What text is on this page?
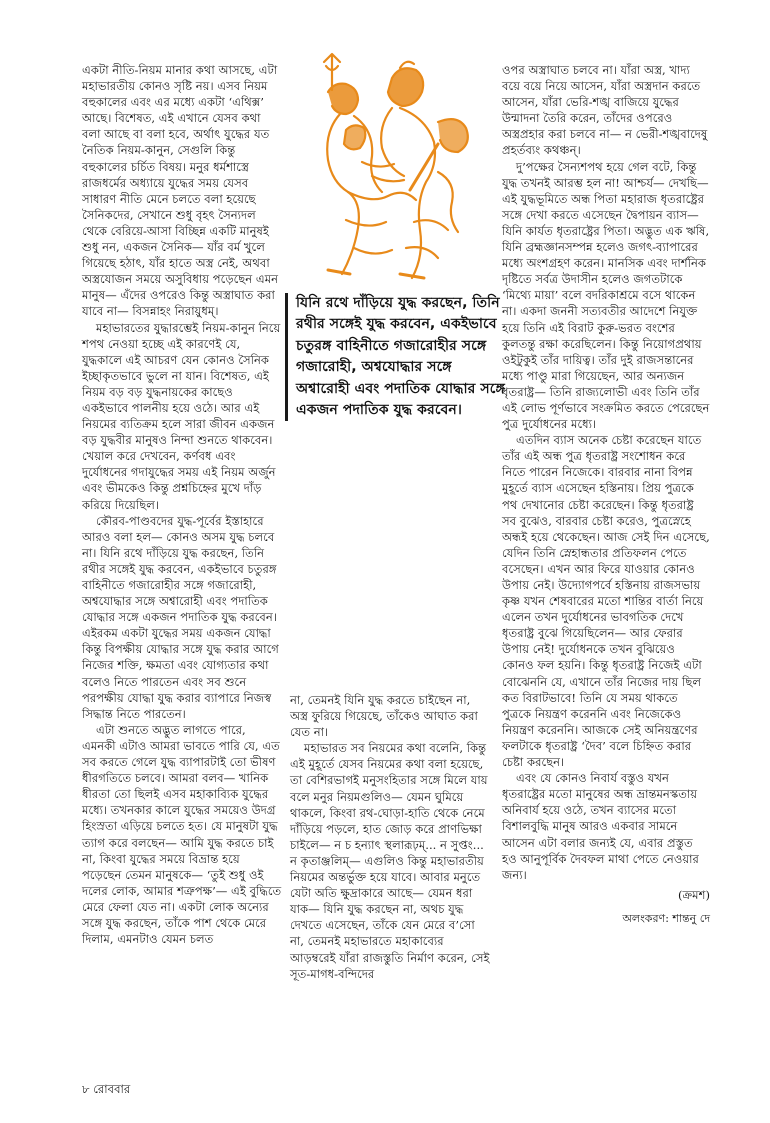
একটা নীতি-নিয়ম মানার কথা আসছে, এটা মহাভারতীয় কোনও সৃষ্টি নয়। এসব নিয়ম বহুকালের এবং এর মধ্যে একটা ‘এথিক্স’ আছে। বিশেষত, এই এখানে যেসব কথা বলা আছে বা বলা হবে, অর্থাৎ যুদ্ধের যত নৈতিক নিয়ম-কানুন, সেগুলি কিন্তু বহুকালের চর্চিত বিষয়। মনুর ধর্মশাস্ত্রে রাজধর্মের অধ্যায়ে যুদ্ধের সময় যেসব সাধারণ নীতি মেনে চলতে বলা হয়েছে সৈনিকদের, সেখানে শুধু বৃহৎ সৈন্যদল থেকে বেরিয়ে-আসা বিচ্ছিন্ন একটি মানুষই শুধু নন, একজন সৈনিক— যাঁর বর্ম খুলে গিয়েছে হঠাৎ, যাঁর হাতে অস্ত্র নেই, অথবা অস্ত্রযোজন সময়ে অসুবিধায় পড়েছেন এমন মানুষ— এঁদের ওপরেও কিন্তু অস্ত্রাঘাত করা যাবে না— বিসন্নাহং নিরায়ুধম্।

মহাভারতের যুদ্ধারম্ভেই নিয়ম-কানুন নিয়ে শপথ নেওয়া হচ্ছে এই কারণেই যে, যুদ্ধকালে এই আচরণ যেন কোনও সৈনিক ইচ্ছাকৃতভাবে ভুলে না যান। বিশেষত, এই নিয়ম বড় বড় যুদ্ধনায়কের কাছেও একইভাবে পালনীয় হয়ে ওঠে। আর এই নিয়মের ব্যতিক্রম হলে সারা জীবন একজন বড় যুদ্ধবীর মানুষও নিন্দা শুনতে থাকবেন। খেয়াল করে দেখবেন, কর্ণবধ এবং দুর্যোধনের গদাযুদ্ধের সময় এই নিয়ম অর্জুন এবং ভীমকেও কিন্তু প্রশ্নচিহ্নের মুখে দাঁড় করিয়ে দিয়েছিল।

কৌরব-পাণ্ডবদের যুদ্ধ-পূর্বের ইস্তাহারে আরও বলা হল— কোনও অসম যুদ্ধ চলবে না। যিনি রথে দাঁড়িয়ে যুদ্ধ করছেন, তিনি রথীর সঙ্গেই যুদ্ধ করবেন, একইভাবে চতুরঙ্গ বাহিনীতে গজারোহীর সঙ্গে গজারোহী, অশ্বযোদ্ধার সঙ্গে অশ্বারোহী এবং পদাতিক যোদ্ধার সঙ্গে একজন পদাতিক যুদ্ধ করবেন। এইরকম একটা যুদ্ধের সময় একজন যোদ্ধা কিন্তু বিপক্ষীয় যোদ্ধার সঙ্গে যুদ্ধ করার আগে নিজের শক্তি, ক্ষমতা এবং যোগ্যতার কথা বলেও নিতে পারতেন এবং সব শুনে পরপক্ষীয় যোদ্ধা যুদ্ধ করার ব্যাপারে নিজস্ব সিদ্ধান্ত নিতে পারতেন।

এটা শুনতে অদ্ভুত লাগতে পারে, এমনকী এটাও আমরা ভাবতে পারি যে, এত সব করতে গেলে যুদ্ধ ব্যাপারটাই তো ভীষণ ধীরগতিতে চলবে। আমরা বলব— খানিক ধীরতা তো ছিলই এসব মহাকাব্যিক যুদ্ধের মধ্যে। তখনকার কালে যুদ্ধের সময়েও উদগ্র হিংস্রতা এড়িয়ে চলতে হত। যে মানুষটা যুদ্ধ ত্যাগ করে বলছেন— আমি যুদ্ধ করতে চাই না, কিংবা যুদ্ধের সময়ে বিভ্রান্ত হয়ে পড়েছেন তেমন মানুষকে— ‘তুই শুধু ওই দলের লোক, আমার শত্রুপক্ষ’— এই বুদ্ধিতে মেরে ফেলা যেত না। একটা লোক অন্যের সঙ্গে যুদ্ধ করছেন, তাঁকে পাশ থেকে মেরে দিলাম, এমনটাও যেমন চলত

যিনি রথে দাঁড়িয়ে যুদ্ধ করছেন, তিনি রথীর সঙ্গেই যুদ্ধ করবেন, একইভাবে চতুরঙ্গ বাহিনীতে গজারোহীর সঙ্গে গজারোহী, অশ্বযোদ্ধার সঙ্গে অশ্বারোহী এবং পদাতিক যোদ্ধার সঙ্গে একজন পদাতিক যুদ্ধ করবেন।

না, তেমনই যিনি যুদ্ধ করতে চাইছেন না, অস্ত্র ফুরিয়ে গিয়েছে, তাঁকেও আঘাত করা যেত না।

মহাভারত সব নিয়মের কথা বলেনি, কিন্তু এই মুহূর্তে যেসব নিয়মের কথা বলা হয়েছে, তা বেশিরভাগই মনুসংহিতার সঙ্গে মিলে যায় বলে মনুর নিয়মগুলিও— যেমন ঘুমিয়ে থাকলে, কিংবা রথ-ঘোড়া-হাতি থেকে নেমে দাঁড়িয়ে পড়লে, হাত জোড় করে প্রাণভিক্ষা চাইলে— ন চ হন্যাৎ স্থলারূঢ়ম্... ন সুপ্তং... ন কৃতাঞ্জলিম্— এগুলিও কিন্তু মহাভারতীয় নিয়মের অন্তর্ভুক্ত হয়ে যাবে। আবার মনুতে যেটা অতি ক্ষুদ্রাকারে আছে— যেমন ধরা যাক— যিনি যুদ্ধ করছেন না, অথচ যুদ্ধ দেখতে এসেছেন, তাঁকে যেন মেরে ব’সো না, তেমনই মহাভারতে মহাকাব্যের আড়ম্বরেই যাঁরা রাজস্তুতি নির্মাণ করেন, সেই সূত-মাগধ-বন্দিদের

ওপর অস্ত্রাঘাত চলবে না। যাঁরা অস্ত্র, খাদ্য বয়ে বয়ে নিয়ে আসেন, যাঁরা অস্ত্রদান করতে আসেন, যাঁরা ভেরি-শঙ্খ বাজিয়ে যুদ্ধের উন্মাদনা তৈরি করেন, তাঁদের ওপরেও অস্ত্রপ্রহার করা চলবে না— ন ভেরী-শঙ্খবাদেষু প্রহর্তব্যং কথঞ্চন্।

দু’পক্ষের সৈন্যশপথ হয়ে গেল বটে, কিন্তু যুদ্ধ তখনই আরম্ভ হল না! আশ্চর্য— দেখছি— এই যুদ্ধভূমিতে অন্ধ পিতা মহারাজ ধৃতরাষ্ট্রের সঙ্গে দেখা করতে এসেছেন দ্বৈপায়ন ব্যাস— যিনি কার্যত ধৃতরাষ্ট্রের পিতা। অদ্ভুত এক ঋষি, যিনি ব্রহ্মজ্ঞানসম্পন্ন হলেও জগৎ-ব্যাপারের মধ্যে অংশগ্রহণ করেন। মানসিক এবং দার্শনিক দৃষ্টিতে সর্বত্র উদাসীন হলেও জগতটাকে ‘মিথ্যে মায়া’ বলে বদরিকাশ্রমে বসে থাকেন না। একদা জননী সত্যবতীর আদেশে নিযুক্ত হয়ে তিনি এই বিরাট কুরু-ভরত বংশের কুলতন্তু রক্ষা করেছিলেন। কিন্তু নিয়োগপ্রথায় ওইটুকুই তাঁর দায়িত্ব। তাঁর দুই রাজসন্তানের মধ্যে পাণ্ডু মারা গিয়েছেন, আর অন্যজন ধৃতরাষ্ট্র— তিনি রাজ্যলোভী এবং তিনি তাঁর এই লোভ পূর্ণভাবে সংক্রমিত করতে পেরেছেন পুত্র দুর্যোধনের মধ্যে।

এতদিন ব্যাস অনেক চেষ্টা করেছেন যাতে তাঁর এই অন্ধ পুত্র ধৃতরাষ্ট্র সংশোধন করে নিতে পারেন নিজেকে। বারবার নানা বিপন্ন মুহূর্তে ব্যাস এসেছেন হস্তিনায়। প্রিয় পুত্রকে পথ দেখানোর চেষ্টা করেছেন। কিন্তু ধৃতরাষ্ট্র সব বুঝেও, বারবার চেষ্টা করেও, পুত্রস্নেহে অন্ধই হয়ে থেকেছেন। আজ সেই দিন এসেছে, যেদিন তিনি স্নেহান্ধতার প্রতিফলন পেতে বসেছেন। এখন আর ফিরে যাওয়ার কোনও উপায় নেই। উদ্যোগপর্বে হস্তিনায় রাজসভায় কৃষ্ণ যখন শেষবারের মতো শান্তির বার্তা নিয়ে এলেন তখন দুর্যোধনের ভাবগতিক দেখে ধৃতরাষ্ট্র বুঝে গিয়েছিলেন— আর ফেরার উপায় নেই! দুর্যোধনকে তখন বুঝিয়েও কোনও ফল হয়নি। কিন্তু ধৃতরাষ্ট্র নিজেই এটা বোঝেননি যে, এখানে তাঁর নিজের দায় ছিল কত বিরাটভাবে! তিনি যে সময় থাকতে পুত্রকে নিয়ন্ত্রণ করেননি এবং নিজেকেও নিয়ন্ত্রণ করেননি। আজকে সেই অনিয়ন্ত্রণের ফলটাকে ধৃতরাষ্ট্র ‘দৈব’ বলে চিহ্নিত করার চেষ্টা করছেন।

এবং যে কোনও নিবার্য বস্তুও যখন ধৃতরাষ্ট্রের মতো মানুষের অন্ধ ভ্রান্তমনস্কতায় অনিবার্য হয়ে ওঠে, তখন ব্যাসের মতো বিশালবুদ্ধি মানুষ আরও একবার সামনে আসেন এটা বলার জন্যই যে, এবার প্রস্তুত হও আনুপূর্বিক দৈবফল মাথা পেতে নেওয়ার জন্য।

(ক্রমশ)

অলংকরণ: শান্তনু দে

৮ রোববার
